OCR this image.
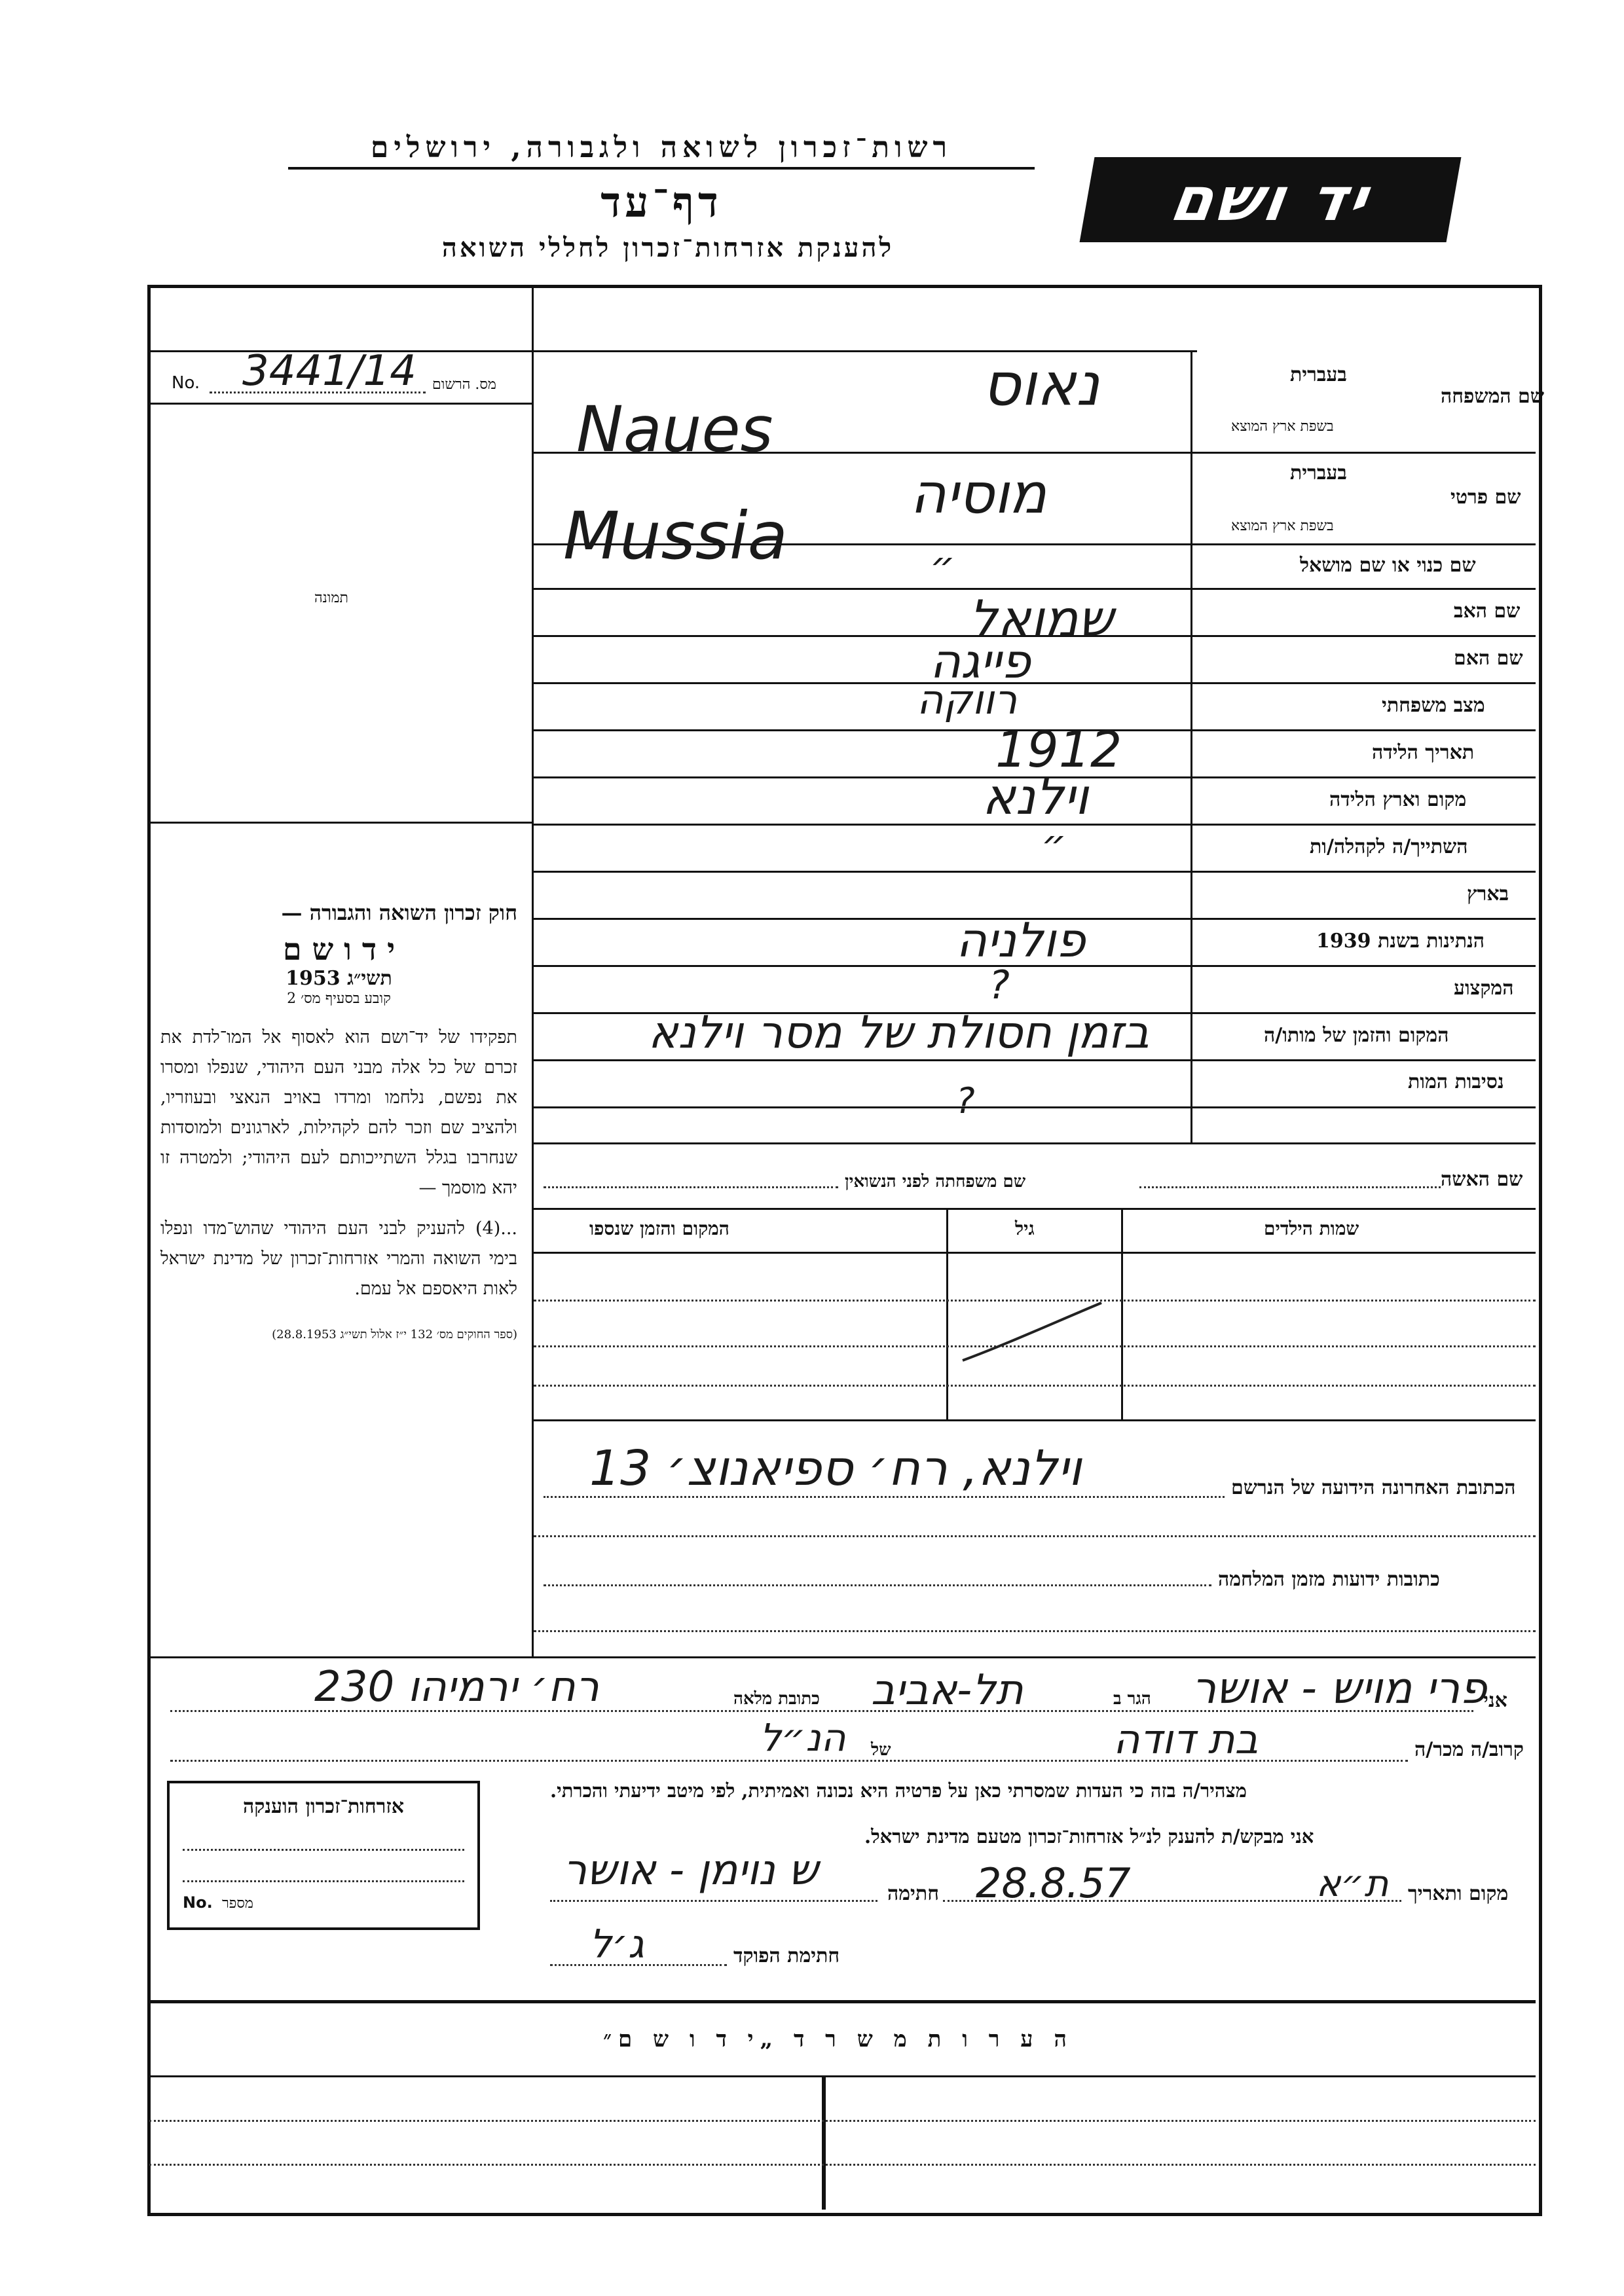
רשות־זכרון לשואה ולגבורה, ירושלים
דף־עד
להענקת אזרחות־זכרון לחללי השואה
יד ושם
No. 3441/14 מס. הרשום
תמונה

חוק זכרון השואה והגבורה —

י ד ו ש ם

תשי״ג 1953

קובע בסעיף מס׳ 2

תפקידו של יד־ושם הוא לאסוף אל המו־לדת את זכרם של כל אלה מבני העם היהודי, שנפלו ומסרו את נפשם, נלחמו ומרדו באויב הנאצי ובעוזריו, ולהציב שם וזכר להם לקהילות, לארגונים ולמוסדות שנחרבו בגלל השתייכותם לעם היהודי; ולמטרה זו יהא מוסמך —

...(4) להעניק לבני העם היהודי שהוש־מדו ונפלו בימי השואה והמרי אזרחות־זכרון של מדינת ישראל לאות היאספם אל עמם.

(ספר החוקים מס׳ 132 י״ז אלול תשי״ג 28.8.1953)

שם המשפחה
בעברית
בשפת ארץ המוצא
נאוס
Naues
שם פרטי
בעברית
בשפת ארץ המוצא
מוסיה
Mussia	שם כנוי או שם מושאל
״
שם האב
שמואל
שם האם
פייגה
מצב משפחתי
רווקה
תאריך הלידה
1912
מקום וארץ הלידה
וילנא
השתייך/ה לקהלה/ות
״
בארץ
הנתינות בשנת 1939
פולניה
המקצוע
?
המקום והזמן של מותו/ה
בזמן חסולת של מסר וילנא
נסיבות המות
?
שם האשה
שם משפחתה לפני הנשואין
שמות הילדים
גיל
המקום והזמן שנספו
הכתובת האחרונה הידועה של הנרשם
וילנא, רח׳ ספיאנוצ׳ 13
כתובות ידועות מזמן המלחמה
אני
פרי מויש - אושר
הגר ב
תל-אביב
כתובת מלאה
רח׳ ירמיהו 230
קרוב/ה מכר/ה
בת דודה
של
הנ״ל
מצהיר/ה בזה כי העדות שמסרתי כאן על פרטיה היא נכונה ואמיתית, לפי מיטב ידיעתי והכרתי.
אני מבקש/ת להענק לנ״ל אזרחות־זכרון מטעם מדינת ישראל.
מקום ותאריך
ת״א
28.8.57
חתימה
ש נוימן - אושר
חתימת הפוקד
ג׳ל
אזרחות־זכרון הוענקה
No. מספר
ה ע ר ו ת מ ש ר ד „י ד ו ש ם״
